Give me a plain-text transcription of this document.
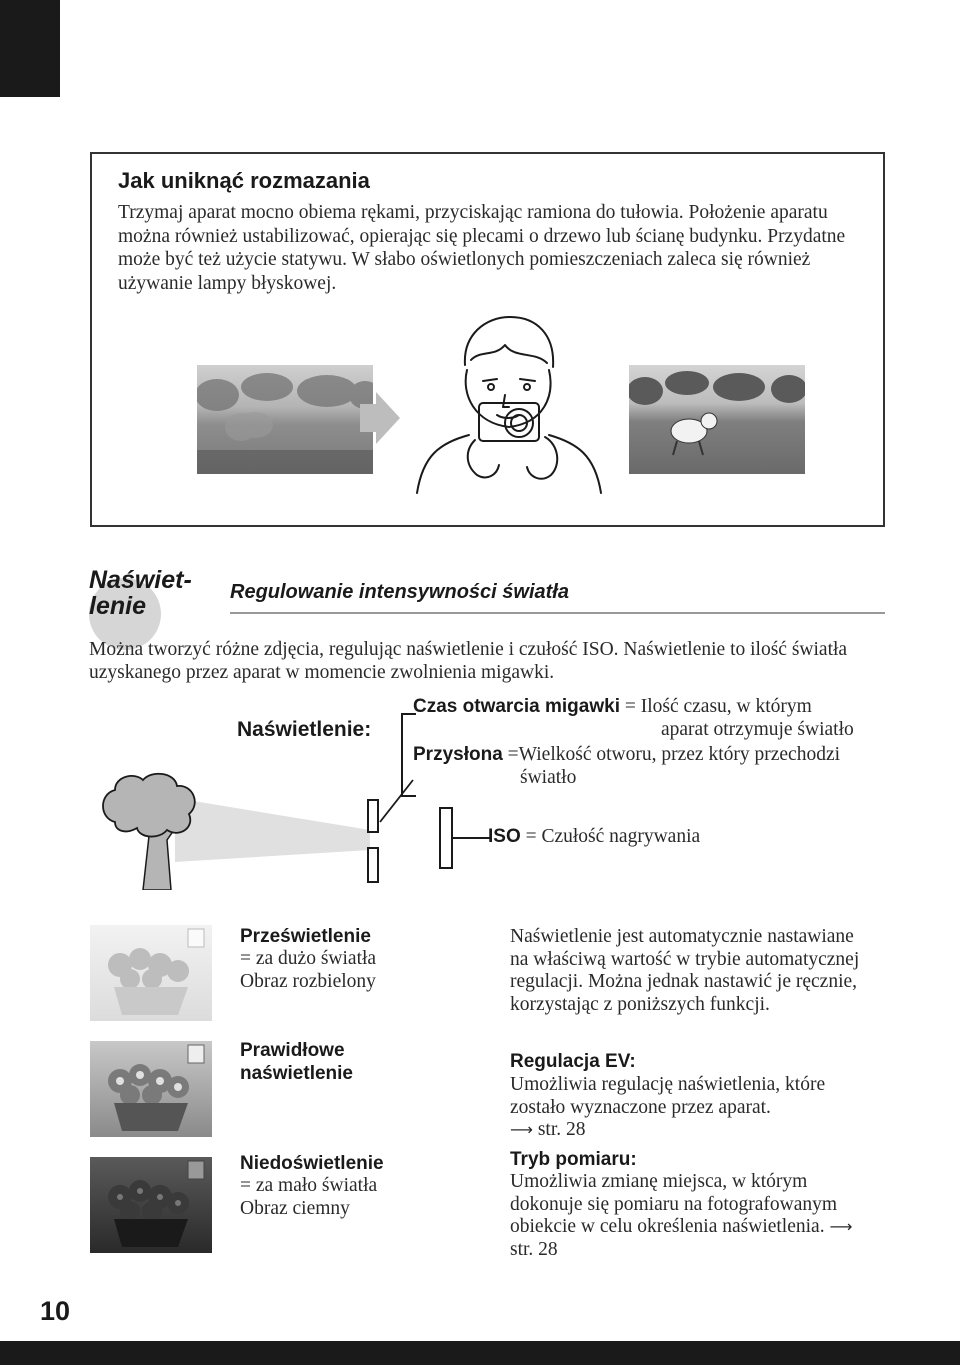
Jak uniknąć rozmazania
Trzymaj aparat mocno obiema rękami, przyciskając ramiona do tułowia. Położenie aparatu można również ustabilizować, opierając się plecami o drzewo lub ścianę budynku. Przydatne może być też użycie statywu. W słabo oświetlonych pomieszczeniach zaleca się również używanie lampy błyskowej.
Naświet-
lenie	Regulowanie intensywności światła
Można tworzyć różne zdjęcia, regulując naświetlenie i czułość ISO. Naświetlenie to ilość światła uzyskanego przez aparat w momencie zwolnienia migawki.
Naświetlenie:
Czas otwarcia migawki = Ilość czasu, w którym
aparat otrzymuje światło
Przysłona =Wielkość otworu, przez który przechodzi
światło
ISO = Czułość nagrywania
Prześwietlenie
= za dużo światła
Obraz rozbielony
Prawidłowe
naświetlenie
Niedoświetlenie
= za mało światła
Obraz ciemny
Naświetlenie jest automatycznie nastawiane na właściwą wartość w trybie automatycznej regulacji. Można jednak nastawić je ręcznie, korzystając z poniższych funkcji.
Regulacja EV:
Umożliwia regulację naświetlenia, które zostało wyznaczone przez aparat.
⟶ str. 28
Tryb pomiaru:
Umożliwia zmianę miejsca, w którym dokonuje się pomiaru na fotografowanym obiekcie w celu określenia naświetlenia. ⟶ str. 28
10
